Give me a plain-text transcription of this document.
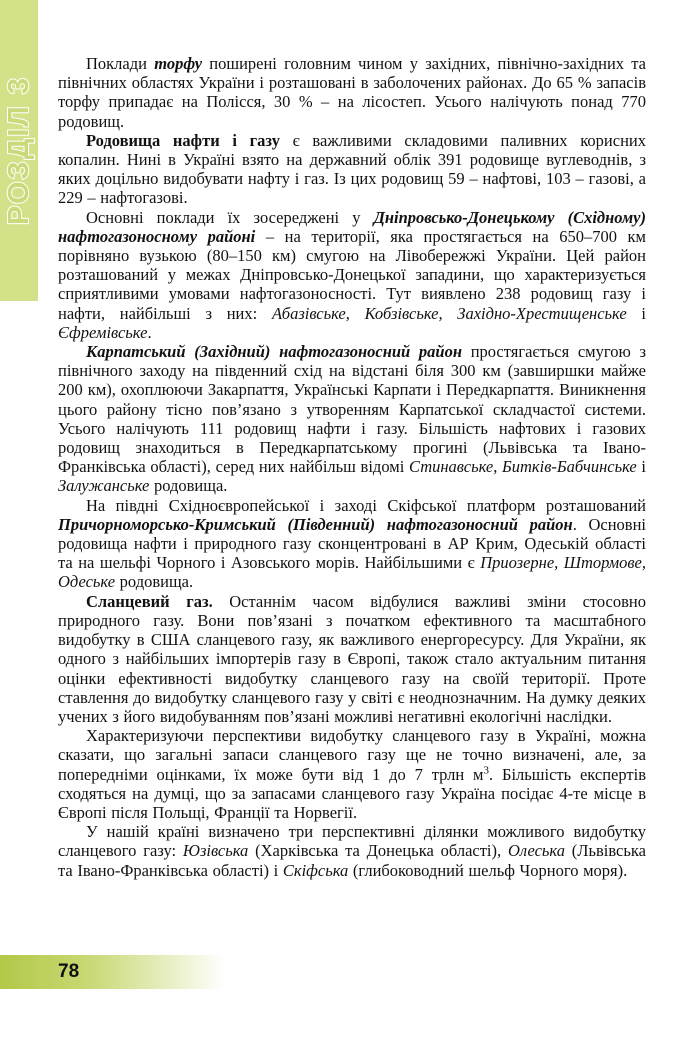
РОЗДІЛ 3

Поклади торфу поширені головним чином у західних, північно-західних та північних областях України і розташовані в заболочених районах. До 65 % запасів торфу припадає на Полісся, 30 % – на лісостеп. Усього налічують понад 770 родовищ.

Родовища нафти і газу є важливими складовими паливних корисних копалин. Нині в Україні взято на державний облік 391 родовище вуглеводнів, з яких доцільно видобувати нафту і газ. Із цих родовищ 59 – нафтові, 103 – газові, а 229 – нафтогазові.

Основні поклади їх зосереджені у Дніпровсько-Донецькому (Східному) нафтогазоносному районі – на території, яка простягається на 650–700 км порівняно вузькою (80–150 км) смугою на Лівобережжі України. Цей район розташований у межах Дніпровсько-Донецької западини, що характеризується сприятливими умовами нафтогазоносності. Тут виявлено 238 родовищ газу і нафти, найбільші з них: Абазівське, Кобзівське, Західно-Хрестищенське і Єфремівське.

Карпатський (Західний) нафтогазоносний район простягається смугою з північного заходу на південний схід на відстані біля 300 км (завширшки майже 200 км), охоплюючи Закарпаття, Українські Карпати і Передкарпаття. Виникнення цього району тісно пов’язано з утворенням Карпатської складчастої системи. Усього налічують 111 родовищ нафти і газу. Більшість нафтових і газових родовищ знаходиться в Передкарпатському прогині (Львівська та Івано-Франківська області), серед них найбільш відомі Стинавське, Битків-Бабчинське і Залужанське родовища.

На півдні Східноєвропейської і заході Скіфської платформ розташований Причорноморсько-Кримський (Південний) нафтогазоносний район. Основні родовища нафти і природного газу сконцентровані в АР Крим, Одеській області та на шельфі Чорного і Азовського морів. Найбільшими є Приозерне, Штормове, Одеське родовища.

Сланцевий газ. Останнім часом відбулися важливі зміни стосовно природного газу. Вони пов’язані з початком ефективного та масштабного видобутку в США сланцевого газу, як важливого енергоресурсу. Для України, як одного з найбільших імпортерів газу в Європі, також стало актуальним питання оцінки ефективності видобутку сланцевого газу на своїй території. Проте ставлення до видобутку сланцевого газу у світі є неоднозначним. На думку деяких учених з його видобуванням пов’язані можливі негативні екологічні наслідки.

Характеризуючи перспективи видобутку сланцевого газу в Україні, можна сказати, що загальні запаси сланцевого газу ще не точно визначені, але, за попередніми оцінками, їх може бути від 1 до 7 трлн $м^3$. Більшість експертів сходяться на думці, що за запасами сланцевого газу Україна посідає 4-те місце в Європі після Польщі, Франції та Норвегії.

У нашій країні визначено три перспективні ділянки можливого видобутку сланцевого газу: Юзівська (Харківська та Донецька області), Олеська (Львівська та Івано-Франківська області) і Скіфська (глибоководний шельф Чорного моря).

78
